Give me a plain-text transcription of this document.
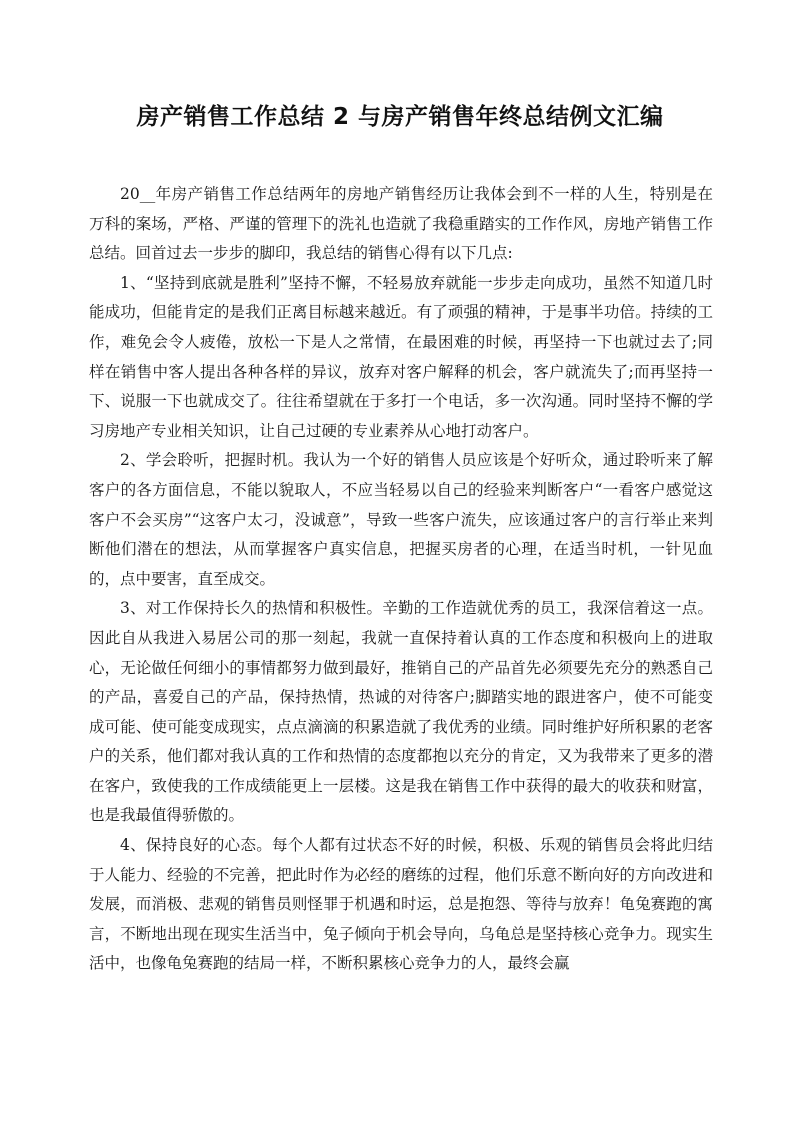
房产销售工作总结 2 与房产销售年终总结例文汇编

20__年房产销售工作总结两年的房地产销售经历让我体会到不一样的人生，特别是在万科的案场，严格、严谨的管理下的洗礼也造就了我稳重踏实的工作作风，房地产销售工作总结。回首过去一步步的脚印，我总结的销售心得有以下几点:

1、“坚持到底就是胜利”坚持不懈，不轻易放弃就能一步步走向成功，虽然不知道几时能成功，但能肯定的是我们正离目标越来越近。有了顽强的精神，于是事半功倍。持续的工作，难免会令人疲倦，放松一下是人之常情，在最困难的时候，再坚持一下也就过去了;同样在销售中客人提出各种各样的异议，放弃对客户解释的机会，客户就流失了;而再坚持一下、说服一下也就成交了。往往希望就在于多打一个电话，多一次沟通。同时坚持不懈的学习房地产专业相关知识，让自己过硬的专业素养从心地打动客户。

2、学会聆听，把握时机。我认为一个好的销售人员应该是个好听众，通过聆听来了解客户的各方面信息，不能以貌取人，不应当轻易以自己的经验来判断客户“一看客户感觉这客户不会买房”“这客户太刁，没诚意”，导致一些客户流失，应该通过客户的言行举止来判断他们潜在的想法，从而掌握客户真实信息，把握买房者的心理，在适当时机，一针见血的，点中要害，直至成交。

3、对工作保持长久的热情和积极性。辛勤的工作造就优秀的员工，我深信着这一点。因此自从我进入易居公司的那一刻起，我就一直保持着认真的工作态度和积极向上的进取心，无论做任何细小的事情都努力做到最好，推销自己的产品首先必须要先充分的熟悉自己的产品，喜爱自己的产品，保持热情，热诚的对待客户;脚踏实地的跟进客户，使不可能变成可能、使可能变成现实，点点滴滴的积累造就了我优秀的业绩。同时维护好所积累的老客户的关系，他们都对我认真的工作和热情的态度都抱以充分的肯定，又为我带来了更多的潜在客户，致使我的工作成绩能更上一层楼。这是我在销售工作中获得的最大的收获和财富，也是我最值得骄傲的。

4、保持良好的心态。每个人都有过状态不好的时候，积极、乐观的销售员会将此归结于人能力、经验的不完善，把此时作为必经的磨练的过程，他们乐意不断向好的方向改进和发展，而消极、悲观的销售员则怪罪于机遇和时运，总是抱怨、等待与放弃！龟兔赛跑的寓言，不断地出现在现实生活当中，兔子倾向于机会导向，乌龟总是坚持核心竞争力。现实生活中，也像龟兔赛跑的结局一样，不断积累核心竞争力的人，最终会赢
